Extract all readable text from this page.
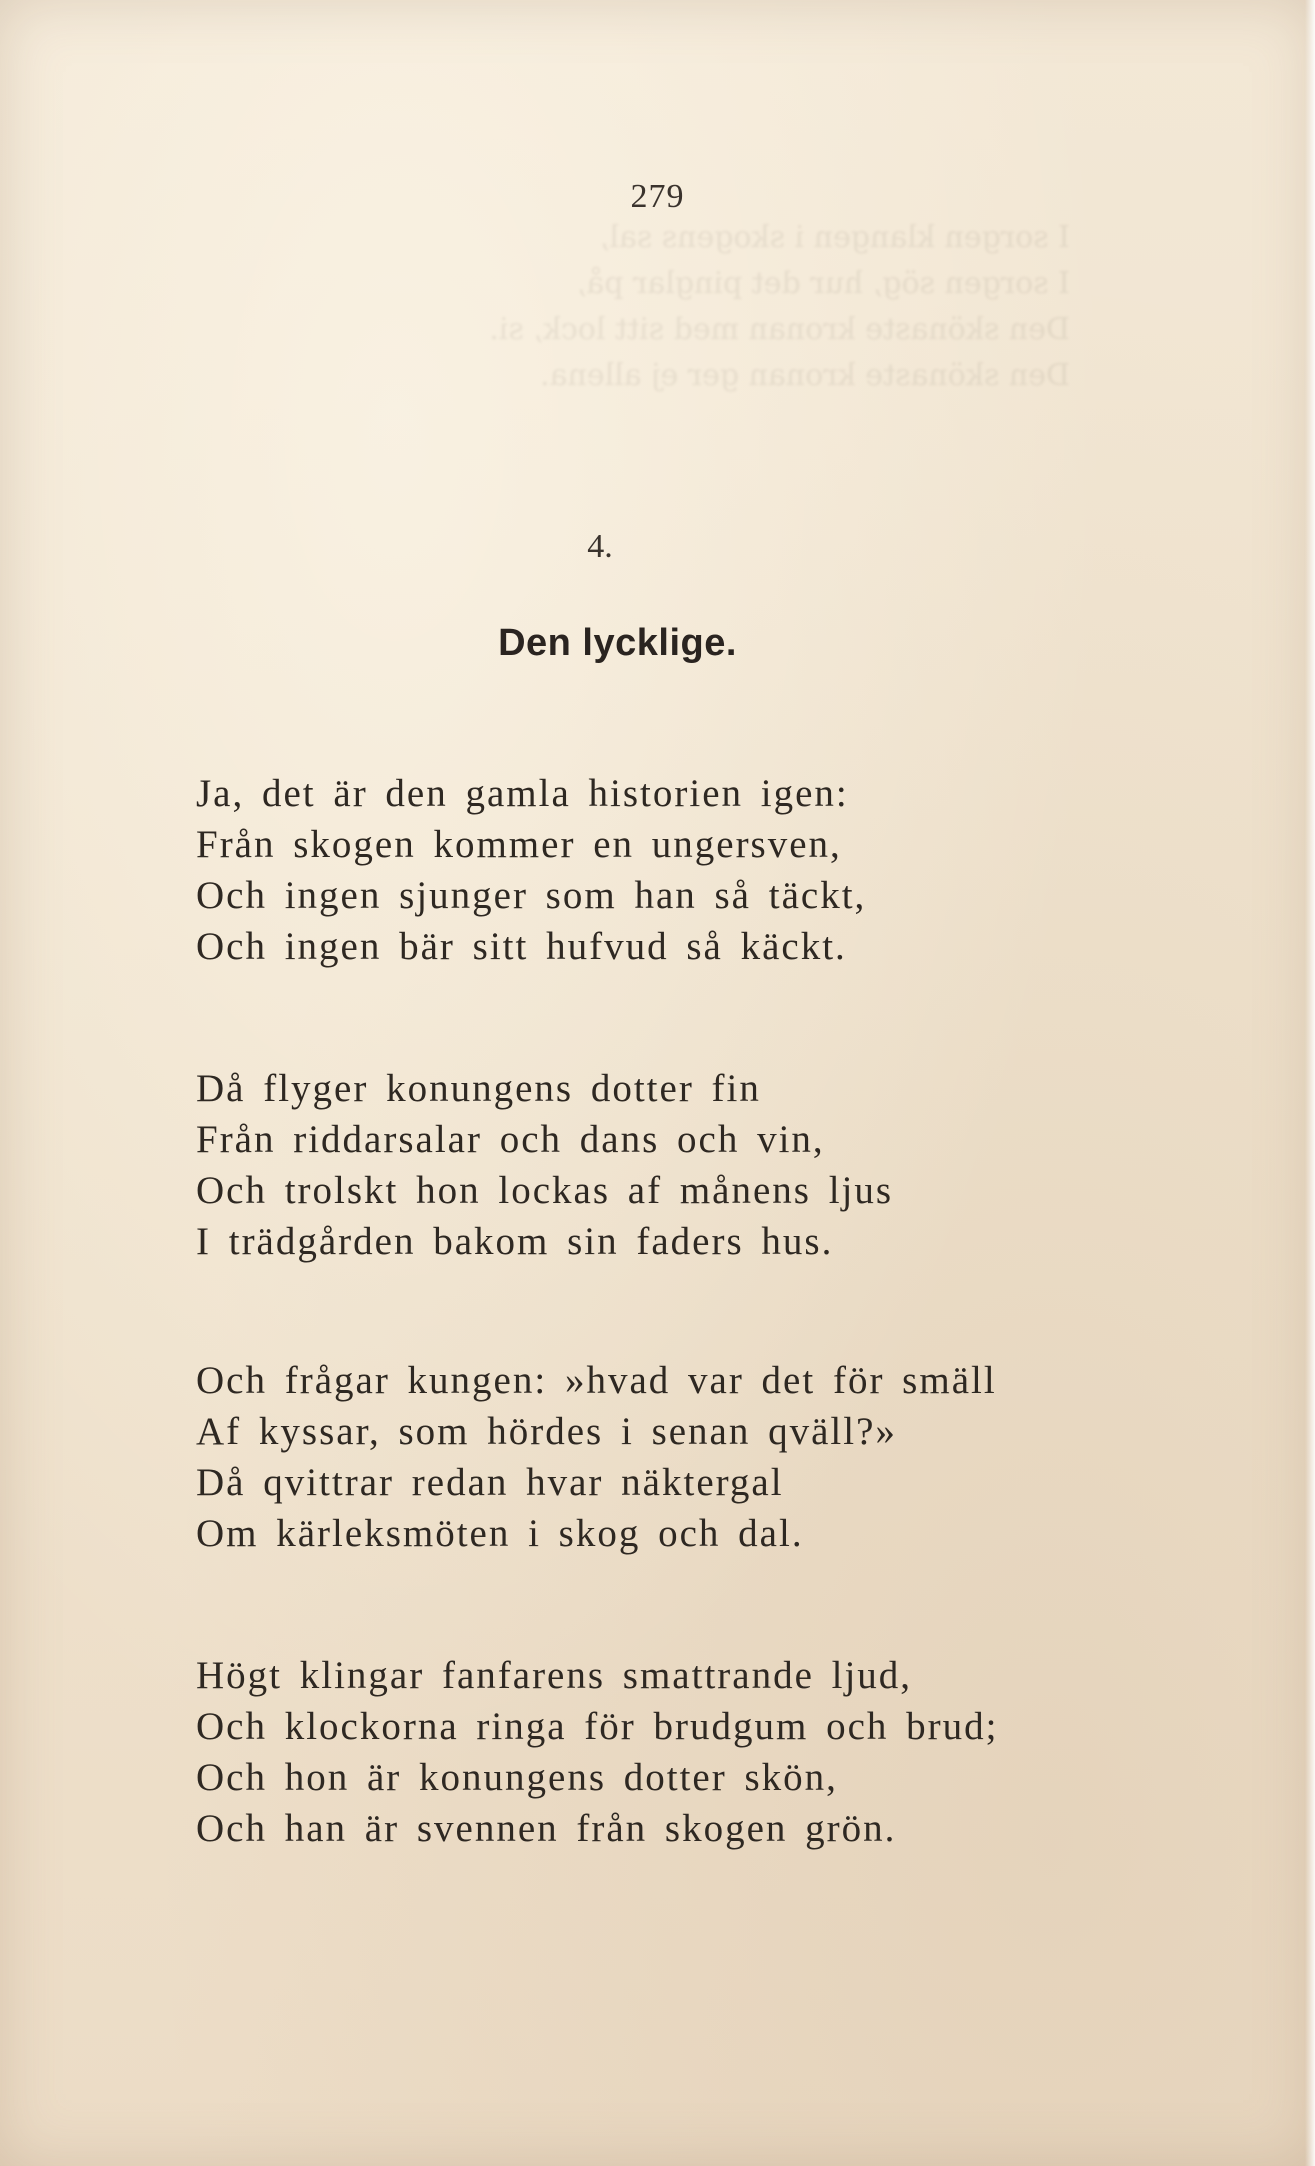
I sorgen klangen i skogens sal,
I sorgen sög, hur det pinglar på,
Den skönaste kronan med sitt lock, si.
Den skönaste kronan ger ej allena.
279
4.
Den lycklige.
Ja, det är den gamla historien igen:
Från skogen kommer en ungersven,
Och ingen sjunger som han så täckt,
Och ingen bär sitt hufvud så käckt.
Då flyger konungens dotter fin
Från riddarsalar och dans och vin,
Och trolskt hon lockas af månens ljus
I trädgården bakom sin faders hus.
Och frågar kungen: »hvad var det för smäll
Af kyssar, som hördes i senan qväll?»
Då qvittrar redan hvar näktergal
Om kärleksmöten i skog och dal.
Högt klingar fanfarens smattrande ljud,
Och klockorna ringa för brudgum och brud;
Och hon är konungens dotter skön,
Och han är svennen från skogen grön.
